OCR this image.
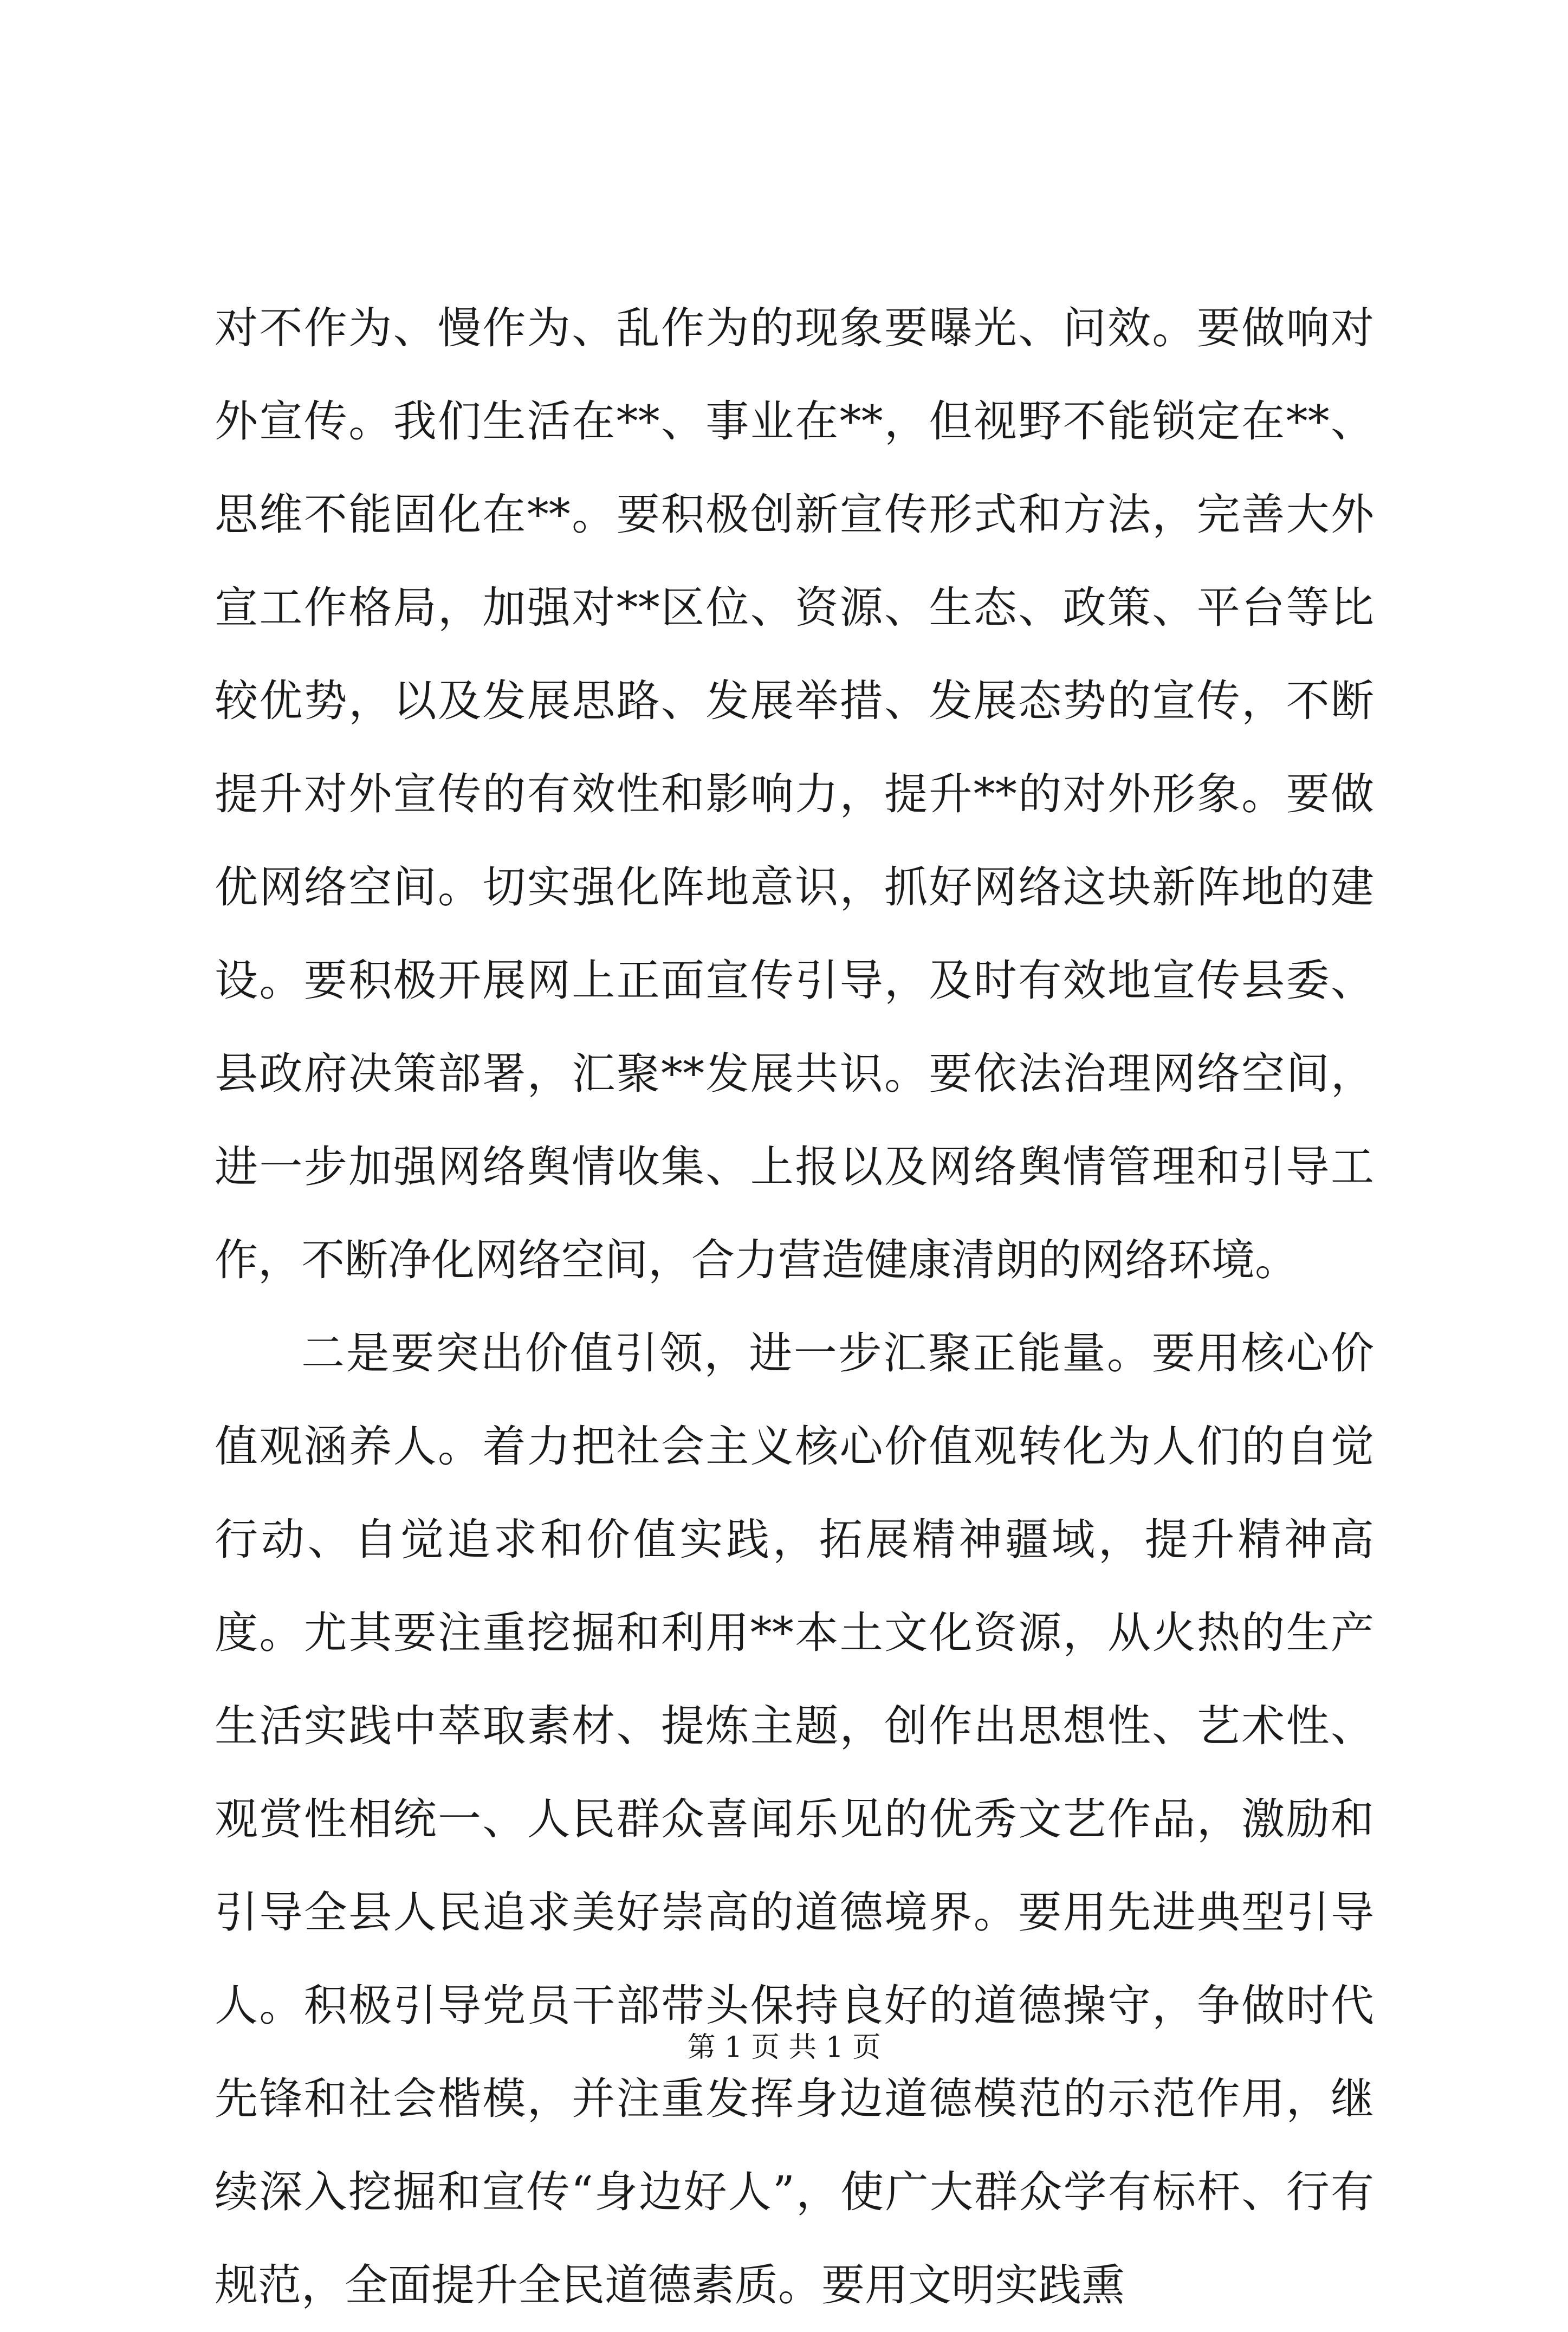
对不作为、慢作为、乱作为的现象要曝光、问效。要做响对外宣传。我们生活在**、事业在**，但视野不能锁定在**、思维不能固化在**。要积极创新宣传形式和方法，完善大外宣工作格局，加强对**区位、资源、生态、政策、平台等比较优势，以及发展思路、发展举措、发展态势的宣传，不断提升对外宣传的有效性和影响力，提升**的对外形象。要做优网络空间。切实强化阵地意识，抓好网络这块新阵地的建设。要积极开展网上正面宣传引导，及时有效地宣传县委、县政府决策部署，汇聚**发展共识。要依法治理网络空间，进一步加强网络舆情收集、上报以及网络舆情管理和引导工作，不断净化网络空间，合力营造健康清朗的网络环境。

二是要突出价值引领，进一步汇聚正能量。要用核心价值观涵养人。着力把社会主义核心价值观转化为人们的自觉行动、自觉追求和价值实践，拓展精神疆域，提升精神高度。尤其要注重挖掘和利用**本土文化资源，从火热的生产生活实践中萃取素材、提炼主题，创作出思想性、艺术性、观赏性相统一、人民群众喜闻乐见的优秀文艺作品，激励和引导全县人民追求美好崇高的道德境界。要用先进典型引导人。积极引导党员干部带头保持良好的道德操守，争做时代先锋和社会楷模，并注重发挥身边道德模范的示范作用，继续深入挖掘和宣传“身边好人”，使广大群众学有标杆、行有规范，全面提升全民道德素质。要用文明实践熏

第 1 页 共 1 页
